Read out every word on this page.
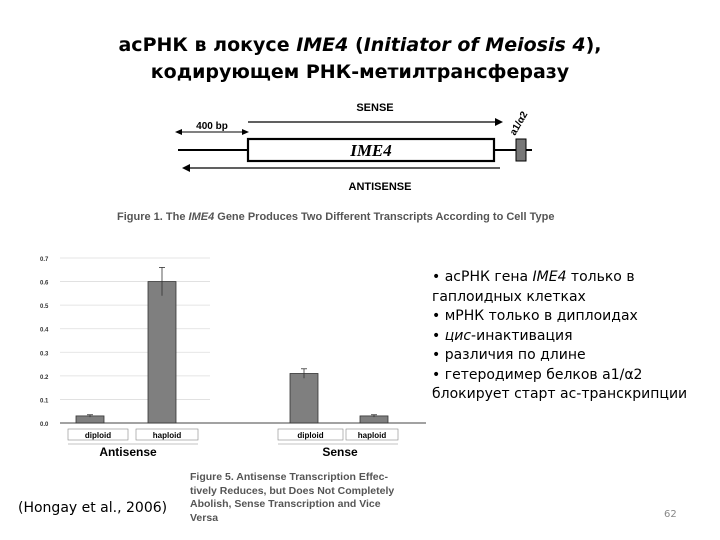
асРНК в локусе IME4 (Initiator of Meiosis 4),
кодирующем РНК-метилтрансферазу
SENSE
400 bp	a1/α2
IME4
ANTISENSE
Figure 1. The IME4 Gene Produces Two Different Transcripts According to Cell Type
0.0
0.1
0.2
0.3
0.4
0.5
0.6
0.7
diploid	haploid
Antisense
diploid	haploid
Sense
Figure 5. Antisense Transcription Effec-
tively Reduces, but Does Not Completely
Abolish, Sense Transcription and Vice
Versa

• асРНК гена IME4 только в

гаплоидных клетках

• мРНК только в диплоидах

• цис-инактивация

• различия по длине

• гетеродимер белков a1/α2

блокирует старт ас-транскрипции

(Hongay et al., 2006)	62
